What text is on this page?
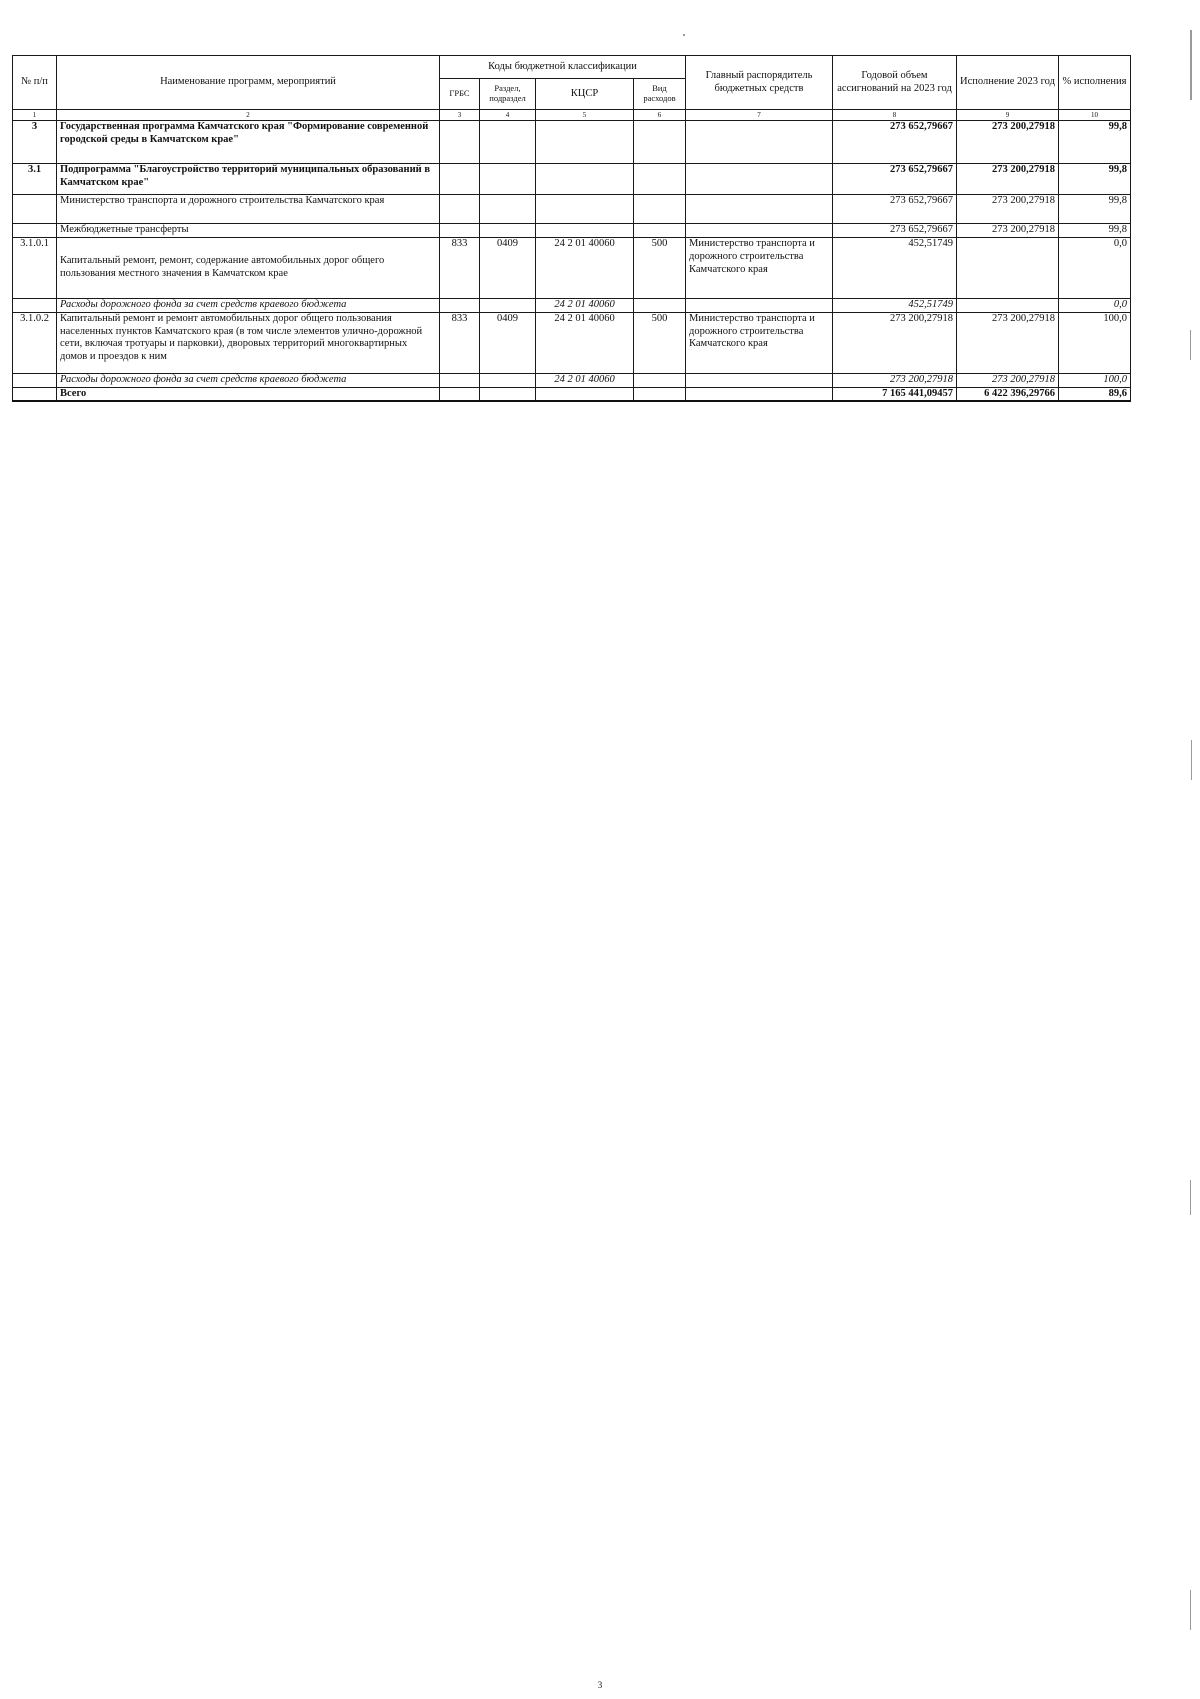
№ п/п	Наименование программ, мероприятий	Коды бюджетной классификации				Главный распорядитель бюджетных средств	Годовой объем ассигнований на 2023 год	Исполнение 2023 год	% исполнения
		ГРБС	Раздел, подраздел	КЦСР	Вид расходов				
1	2	3	4	5	6	7	8	9	10
3	Государственная программа Камчатского края "Формирование современной городской среды в Камчатском крае"						273 652,79667	273 200,27918	99,8
3.1	Подпрограмма "Благоустройство территорий муниципальных образований в Камчатском крае"						273 652,79667	273 200,27918	99,8
	Министерство транспорта и дорожного строительства Камчатского края						273 652,79667	273 200,27918	99,8
	Межбюджетные трансферты						273 652,79667	273 200,27918	99,8
3.1.0.1	Капитальный ремонт, ремонт, содержание автомобильных дорог общего пользования местного значения в Камчатском крае	833	0409	24 2 01 40060	500	Министерство транспорта и дорожного строительства Камчатского края	452,51749		0,0
	Расходы дорожного фонда за счет средств краевого бюджета			24 2 01 40060			452,51749		0,0
3.1.0.2	Капитальный ремонт и ремонт автомобильных дорог общего пользования населенных пунктов Камчатского края (в том числе элементов улично-дорожной сети, включая тротуары и парковки), дворовых территорий многоквартирных домов и проездов к ним	833	0409	24 2 01 40060	500	Министерство транспорта и дорожного строительства Камчатского края	273 200,27918	273 200,27918	100,0
	Расходы дорожного фонда за счет средств краевого бюджета			24 2 01 40060			273 200,27918	273 200,27918	100,0
	Всего						7 165 441,09457	6 422 396,29766	89,6
3
